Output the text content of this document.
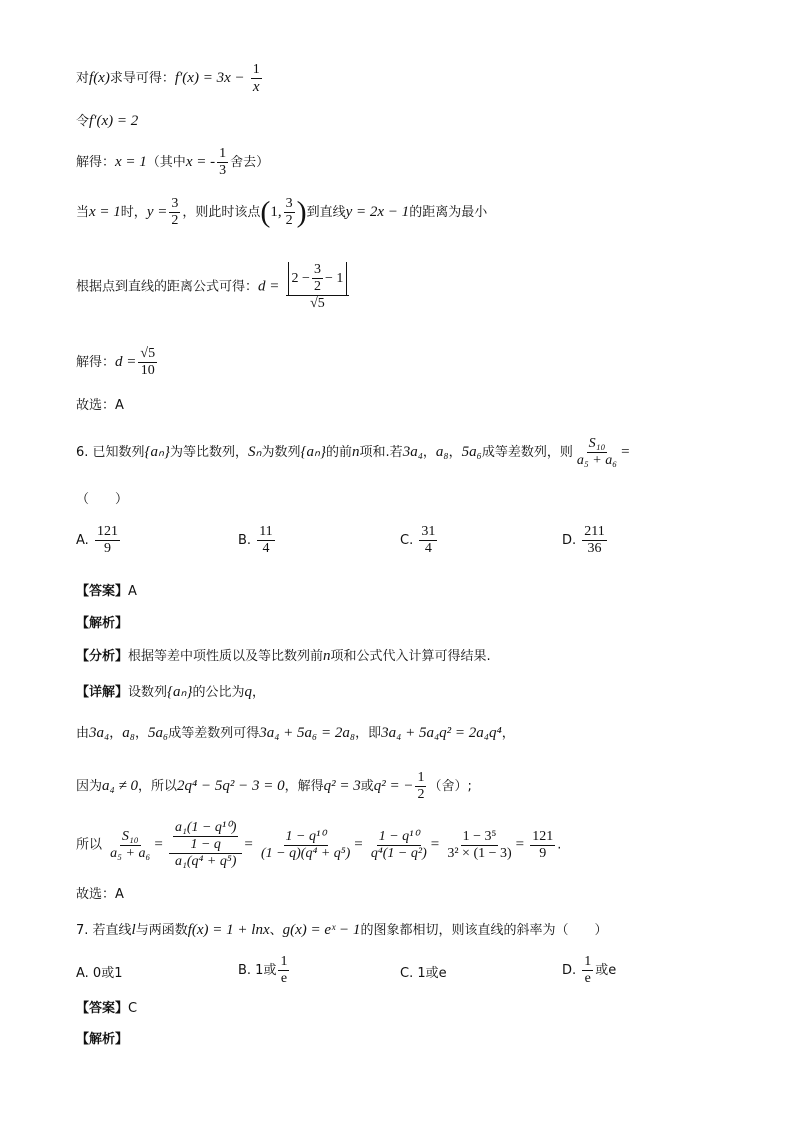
对f(x)求导可得：$f'(x) = 3x - \frac{1}{x}$
令f′(x) = 2
解得：x = 1（其中x = - $\frac{1}{3}$ 舍去）
当x = 1时，$y = \frac{3}{2}$ ，则此时该点(1, $\frac{3}{2}$ )到直线y = 2x − 1的距离为最小
根据点到直线的距离公式可得：$d = \frac{2 - \frac{3}{2} - 1}{√5}$
解得：$d = \frac{√5}{10}$
故选：A
6. 已知数列{aₙ}为等比数列，Sₙ为数列{aₙ}的前n项和.若3a₄，a₈，5a₆成等差数列，则 $\frac{\text{S₁₀}}{\text{a₅ + a₆}}$ =
（　　）
A. $\frac{121}{9}$	B. $\frac{11}{4}$	C. $\frac{31}{4}$	D. $\frac{211}{36}$
【答案】A
【解析】
【分析】根据等差中项性质以及等比数列前n项和公式代入计算可得结果.
【详解】设数列{aₙ}的公比为q，
由3a₄，a₈，5a₆成等差数列可得3a₄ + 5a₆ = 2a₈，即3a₄ + 5a₄q² = 2a₄q⁴，
因为a₄ ≠ 0，所以2q⁴ − 5q² − 3 = 0，解得q² = 3或q² = − $\frac{1}{2}$ （舍）;
所以 $\frac{\text{S₁₀}}{\text{a₅ + a₆}} = \frac{\frac{\text{a₁(1 − q¹⁰)}}{1 - q}}{\text{a₁(q⁴ + q⁵)}} = \frac{\text{1 − q¹⁰}}{\text{(1 − q)(q⁴ + q⁵)}} = \frac{\text{1 − q¹⁰}}{\text{q⁴(1 − q²)}} = \frac{\text{1 − 3⁵}}{\text{3² × (1 − 3)}} = \frac{121}{9}$ .
故选：A
7. 若直线l与两函数f(x) = 1 + lnx、g(x) = eˣ − 1的图象都相切，则该直线的斜率为（　　）
A. 0或1	B. 1或 $\frac{1}{e}$	C. 1或e	D. $\frac{1}{e}$ 或e
【答案】C
【解析】
